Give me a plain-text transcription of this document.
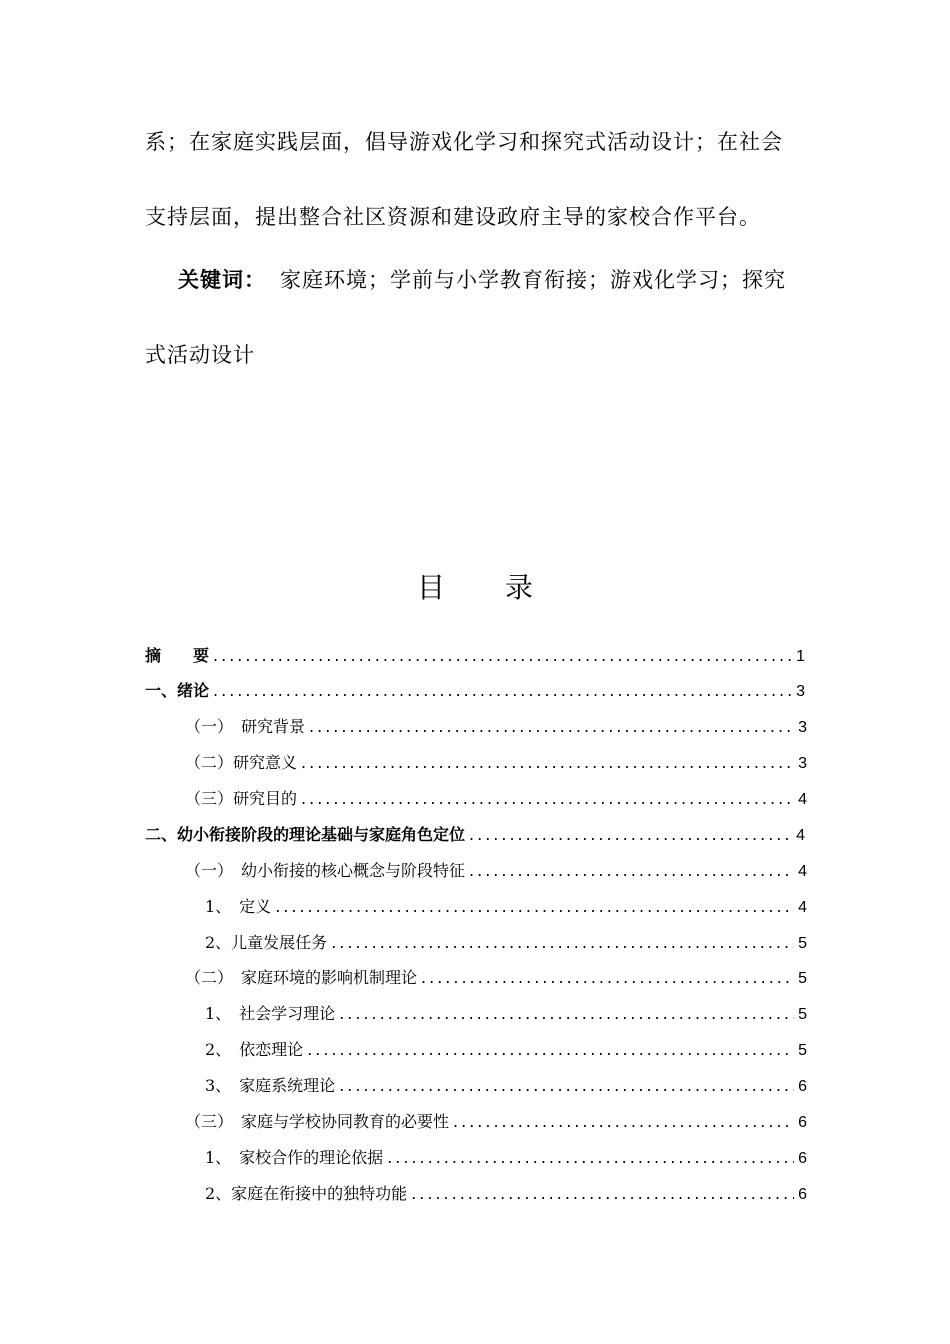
系；在家庭实践层面，倡导游戏化学习和探究式活动设计；在社会
支持层面，提出整合社区资源和建设政府主导的家校合作平台。
关键词： 家庭环境；学前与小学教育衔接；游戏化学习；探究
式活动设计
目 录
摘　　要 .....	1
一、绪论 .....	3
（一）　研究背景 .....	3
（二）研究意义 .....	3
（三）研究目的 .....	4
二、幼小衔接阶段的理论基础与家庭角色定位 .....	4
（一）　幼小衔接的核心概念与阶段特征 .....	4
1、　定义 .....	4
2、儿童发展任务 .....	5
（二）　家庭环境的影响机制理论 .....	5
1、　社会学习理论 .....	5
2、　依恋理论 .....	5
3、　家庭系统理论 .....	6
（三）　家庭与学校协同教育的必要性 .....	6
1、　家校合作的理论依据 .....	6
2、家庭在衔接中的独特功能 .....	6
